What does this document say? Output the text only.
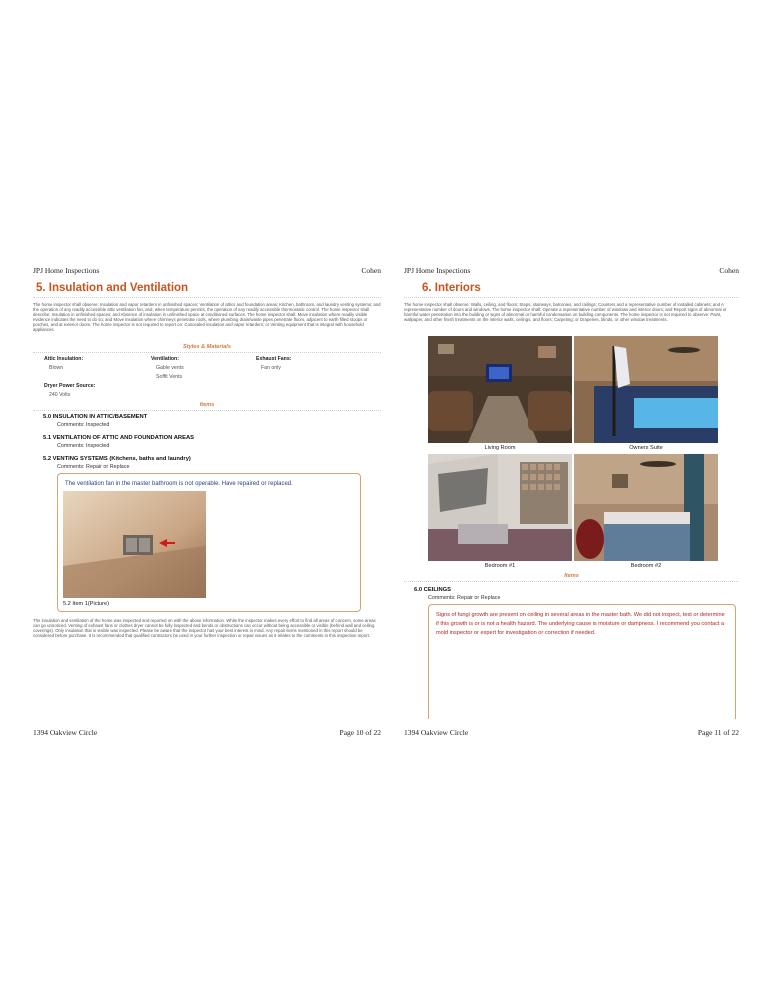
JPJ Home Inspections	Cohen
5. Insulation and Ventilation
The home inspector shall observe: Insulation and vapor retarders in unfinished spaces; Ventilation of attics and foundation areas; Kitchen, bathroom, and laundry venting systems; and the operation of any readily accessible attic ventilation fan, and, when temperature permits, the operation of any readily accessible thermostatic control. The home inspector shall describe: Insulation in unfinished spaces; and Absence of insulation in unfinished space at conditioned surfaces. The home inspector shall: Move insulation where readily visible evidence indicates the need to do so; and Move insulation where chimneys penetrate roofs, where plumbing drain/waste pipes penetrate floors, adjacent to earth filled stoops or porches, and at exterior doors. The home inspector is not required to report on: Concealed insulation and vapor retarders; or Venting equipment that is integral with household appliances.
Styles & Materials
Attic Insulation:
Blown
Ventilation:
Gable vents
Soffit Vents
Exhaust Fans:
Fan only
Dryer Power Source:
240 Volts
Items
5.0 INSULATION IN ATTIC/BASEMENT
Comments: Inspected
5.1 VENTILATION OF ATTIC AND FOUNDATION AREAS
Comments: Inspected
5.2 VENTING SYSTEMS (Kitchens, baths and laundry)
Comments: Repair or Replace
The ventilation fan in the master bathroom is not operable. Have repaired or replaced.
5.2 Item 1(Picture)
The insulation and ventilation of the home was inspected and reported on with the above information. While the inspector makes every effort to find all areas of concern, some areas can go unnoticed. Venting of exhaust fans or clothes dryer cannot be fully inspected and bends or obstructions can occur without being accessible or visible (behind wall and ceiling coverings). Only insulation that is visible was inspected. Please be aware that the inspector has your best interest in mind. Any repair items mentioned in this report should be considered before purchase. It is recommended that qualified contractors be used in your further inspection or repair issues as it relates to the comments in this inspection report.
1394 Oakview Circle	Page 10 of 22
JPJ Home Inspections	Cohen
6. Interiors
The home inspector shall observe: Walls, ceiling, and floors; Steps, stairways, balconies, and railings; Counters and a representative number of installed cabinets; and A representative number of doors and windows. The home inspector shall: Operate a representative number of windows and interior doors; and Report signs of abnormal or harmful water penetration into the building or signs of abnormal or harmful condensation on building components. The home inspector is not required to observe: Paint, wallpaper, and other finish treatments on the interior walls, ceilings, and floors; Carpeting; or Draperies, blinds, or other window treatments.
Living Room	Owners Suite
Bedroom #1	Bedroom #2
Items
6.0 CEILINGS
Comments: Repair or Replace
Signs of fungi growth are present on ceiling in several areas in the master bath. We did not inspect, test or determine if this growth is or is not a health hazard. The underlying cause is moisture or dampness. I recommend you contact a mold inspector or expert for investigation or correction if needed.
1394 Oakview Circle	Page 11 of 22
